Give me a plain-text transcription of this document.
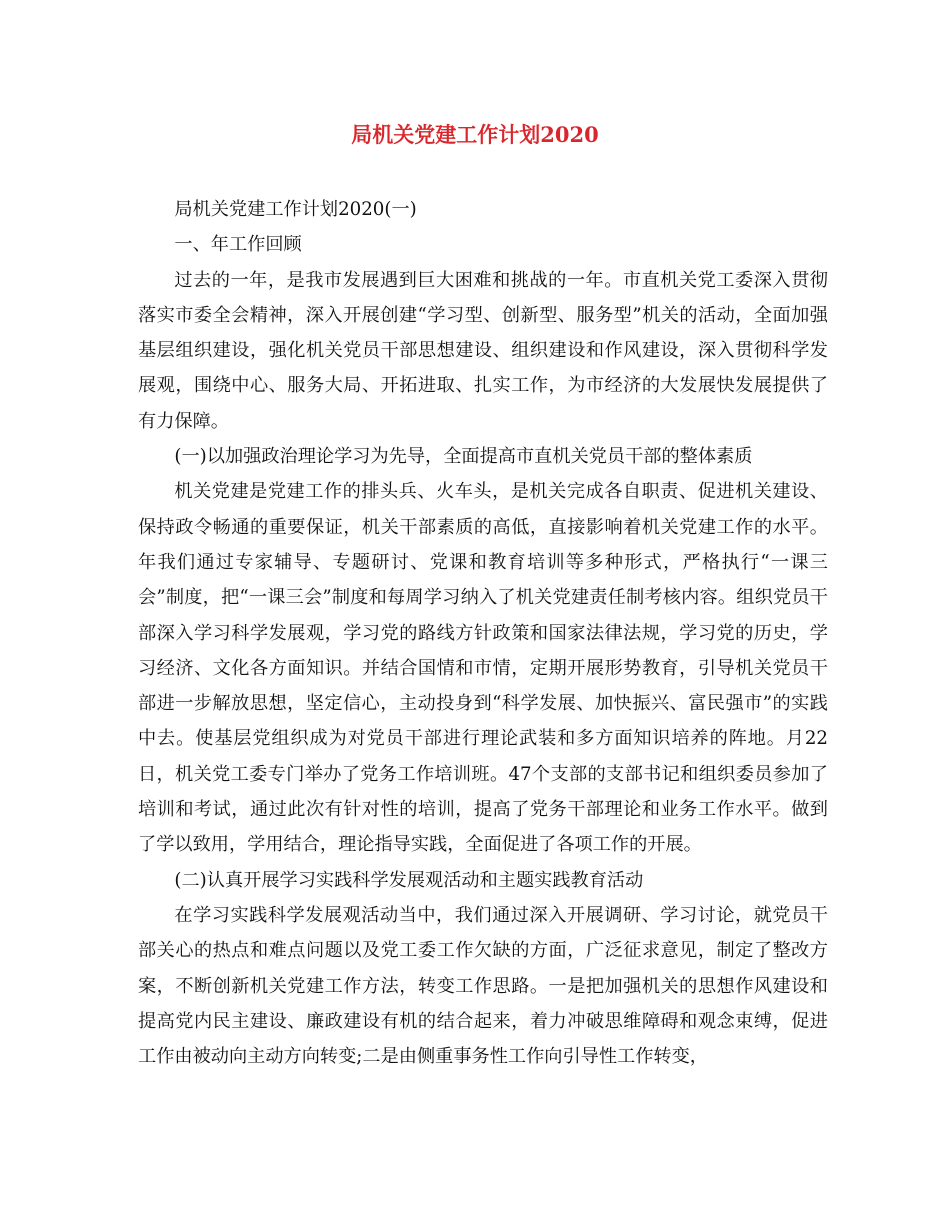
局机关党建工作计划2020

局机关党建工作计划2020(一)

一、年工作回顾

过去的一年，是我市发展遇到巨大困难和挑战的一年。市直机关党工委深入贯彻落实市委全会精神，深入开展创建“学习型、创新型、服务型”机关的活动，全面加强基层组织建设，强化机关党员干部思想建设、组织建设和作风建设，深入贯彻科学发展观，围绕中心、服务大局、开拓进取、扎实工作，为市经济的大发展快发展提供了有力保障。

(一)以加强政治理论学习为先导，全面提高市直机关党员干部的整体素质

机关党建是党建工作的排头兵、火车头，是机关完成各自职责、促进机关建设、保持政令畅通的重要保证，机关干部素质的高低，直接影响着机关党建工作的水平。年我们通过专家辅导、专题研讨、党课和教育培训等多种形式，严格执行“一课三会”制度，把“一课三会”制度和每周学习纳入了机关党建责任制考核内容。组织党员干部深入学习科学发展观，学习党的路线方针政策和国家法律法规，学习党的历史，学习经济、文化各方面知识。并结合国情和市情，定期开展形势教育，引导机关党员干部进一步解放思想，坚定信心，主动投身到“科学发展、加快振兴、富民强市”的实践中去。使基层党组织成为对党员干部进行理论武装和多方面知识培养的阵地。月22日，机关党工委专门举办了党务工作培训班。47个支部的支部书记和组织委员参加了培训和考试，通过此次有针对性的培训，提高了党务干部理论和业务工作水平。做到了学以致用，学用结合，理论指导实践，全面促进了各项工作的开展。

(二)认真开展学习实践科学发展观活动和主题实践教育活动

在学习实践科学发展观活动当中，我们通过深入开展调研、学习讨论，就党员干部关心的热点和难点问题以及党工委工作欠缺的方面，广泛征求意见，制定了整改方案，不断创新机关党建工作方法，转变工作思路。一是把加强机关的思想作风建设和提高党内民主建设、廉政建设有机的结合起来，着力冲破思维障碍和观念束缚，促进工作由被动向主动方向转变;二是由侧重事务性工作向引导性工作转变，
